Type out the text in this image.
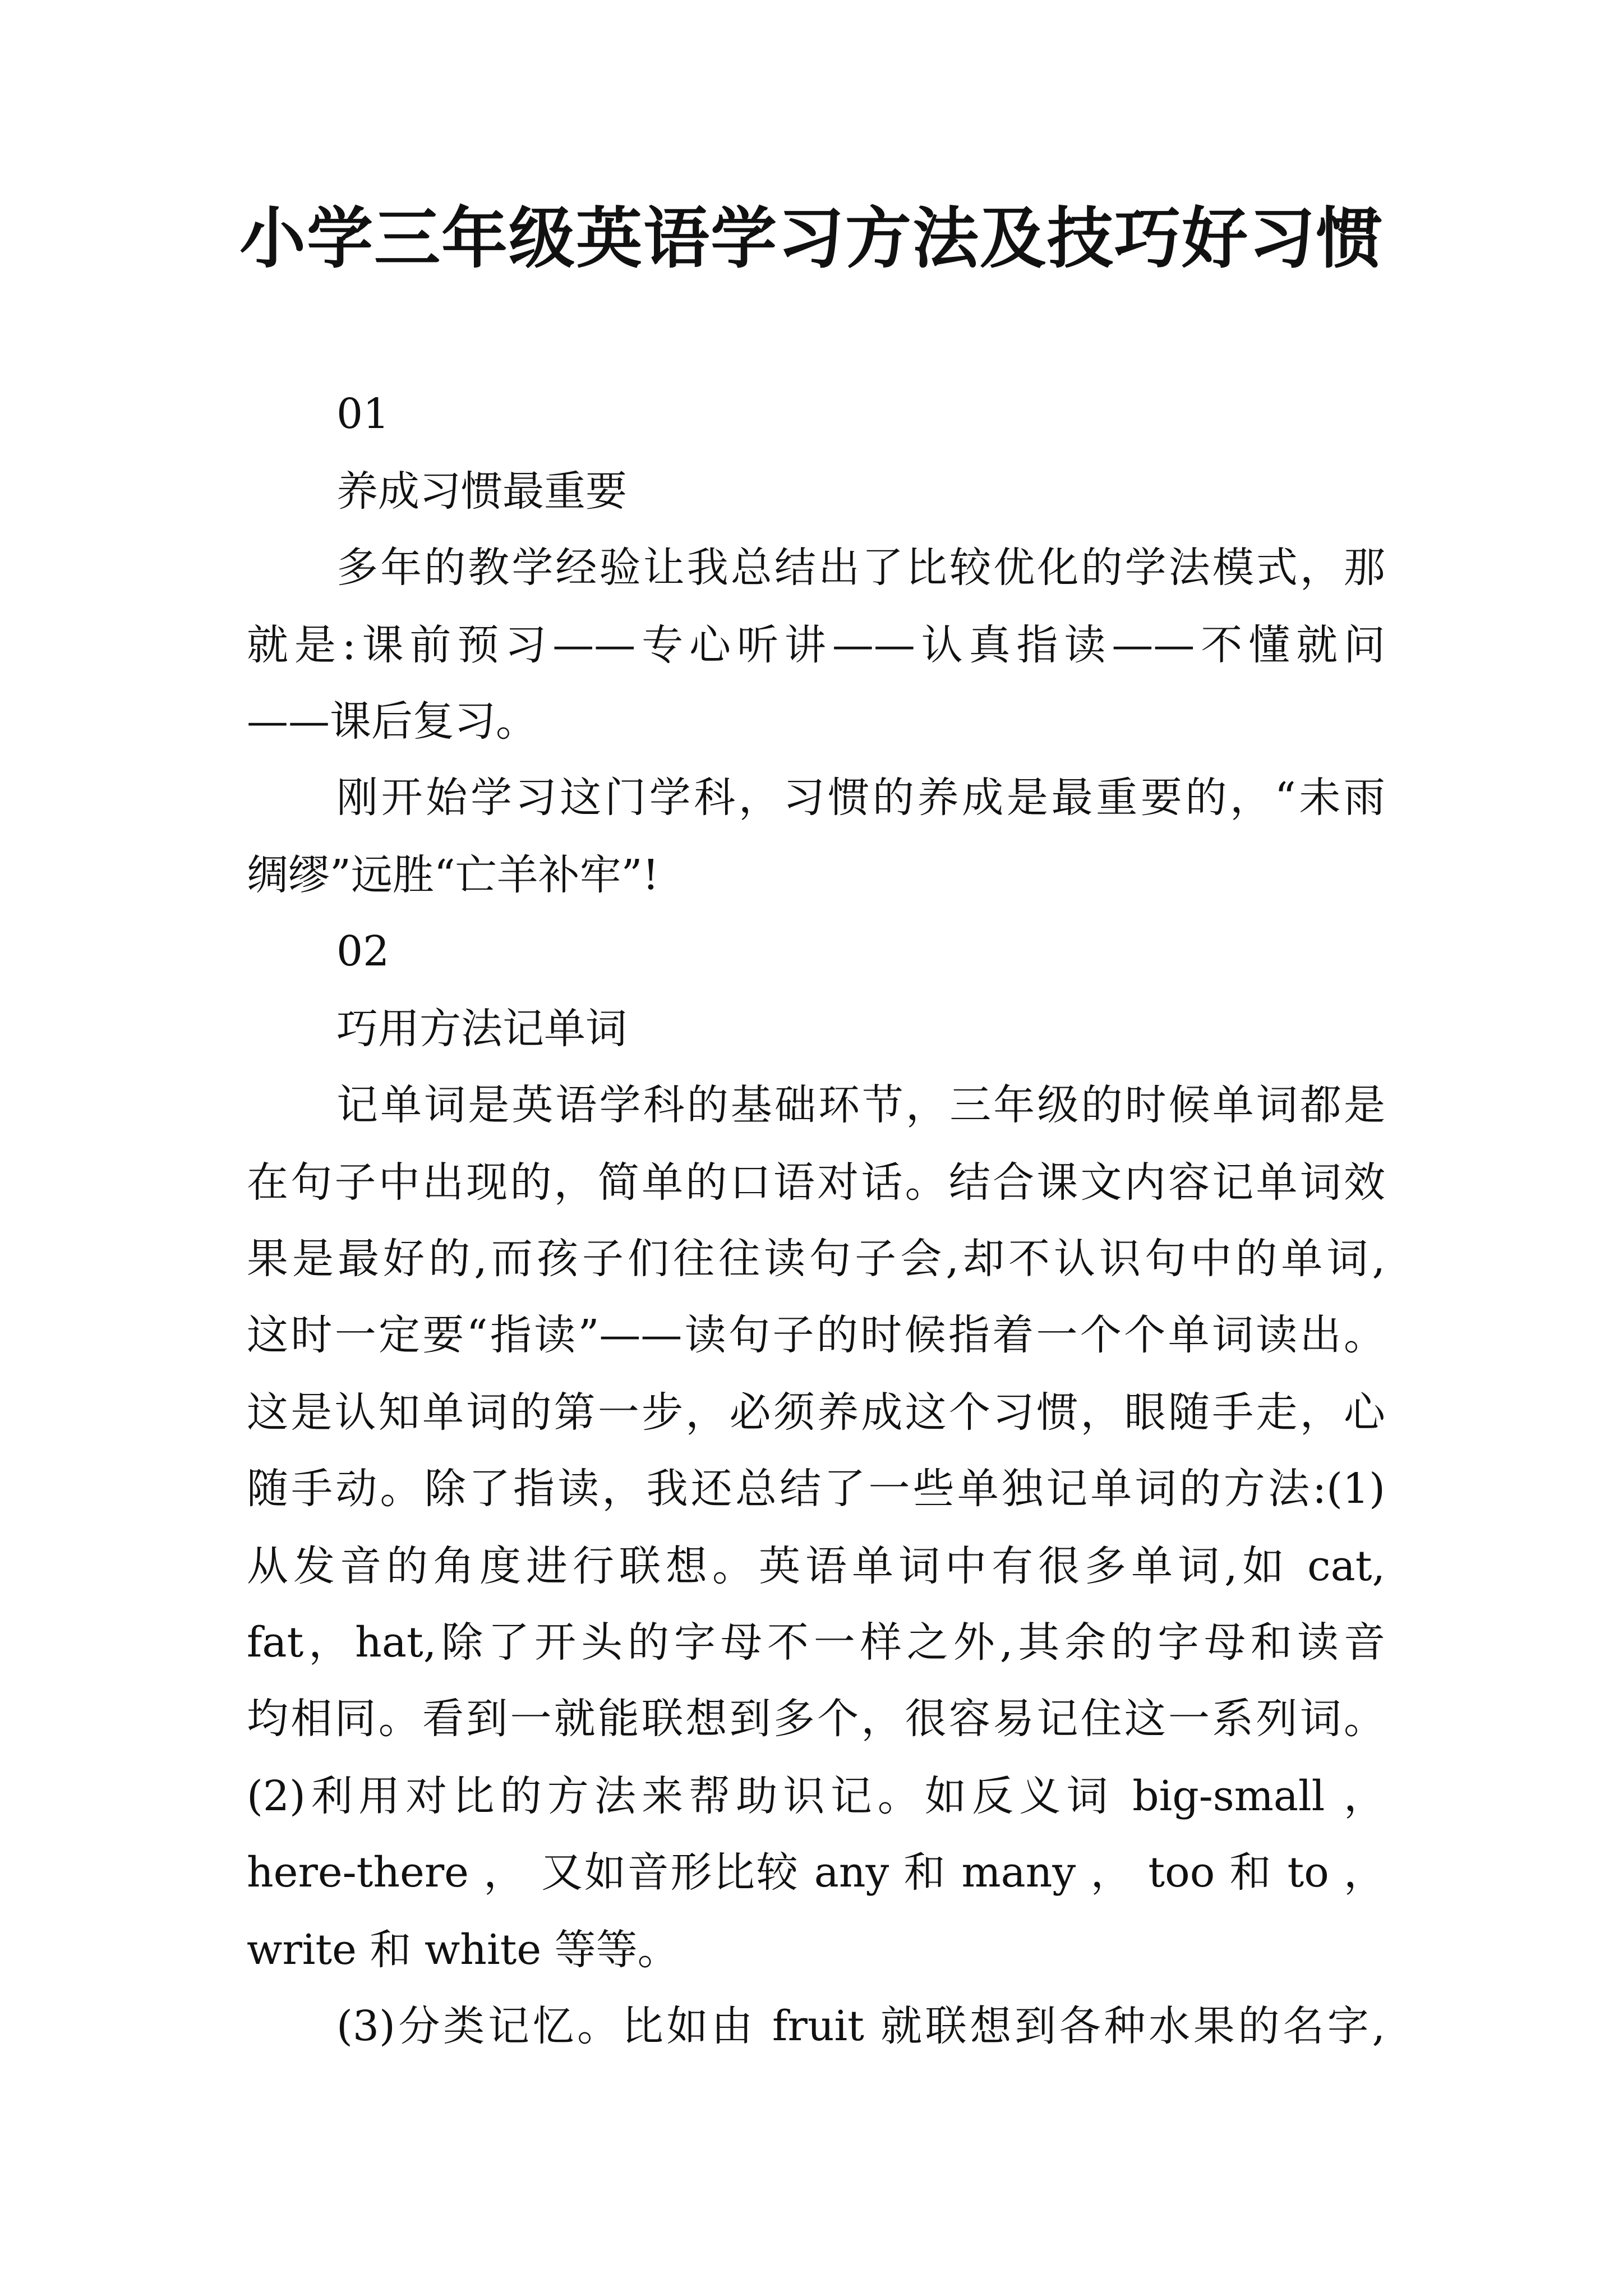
小学三年级英语学习方法及技巧好习惯

01

养成习惯最重要

多年的教学经验让我总结出了比较优化的学法模式，那

就是:课前预习——专心听讲——认真指读——不懂就问

——课后复习。

刚开始学习这门学科，习惯的养成是最重要的，“未雨

绸缪”远胜“亡羊补牢”!

02

巧用方法记单词

记单词是英语学科的基础环节，三年级的时候单词都是

在句子中出现的，简单的口语对话。结合课文内容记单词效

果是最好的,而孩子们往往读句子会,却不认识句中的单词,

这时一定要“指读”——读句子的时候指着一个个单词读出。

这是认知单词的第一步，必须养成这个习惯，眼随手走，心

随手动。除了指读，我还总结了一些单独记单词的方法:(1)

从发音的角度进行联想。英语单词中有很多单词,如 cat,

fat，hat,除了开头的字母不一样之外,其余的字母和读音

均相同。看到一就能联想到多个，很容易记住这一系列词。

(2)利用对比的方法来帮助识记。如反义词 big-small ，

here-there ， 又如音形比较 any 和 many ， too 和 to ，

write 和 white 等等。

(3)分类记忆。比如由 fruit 就联想到各种水果的名字,
